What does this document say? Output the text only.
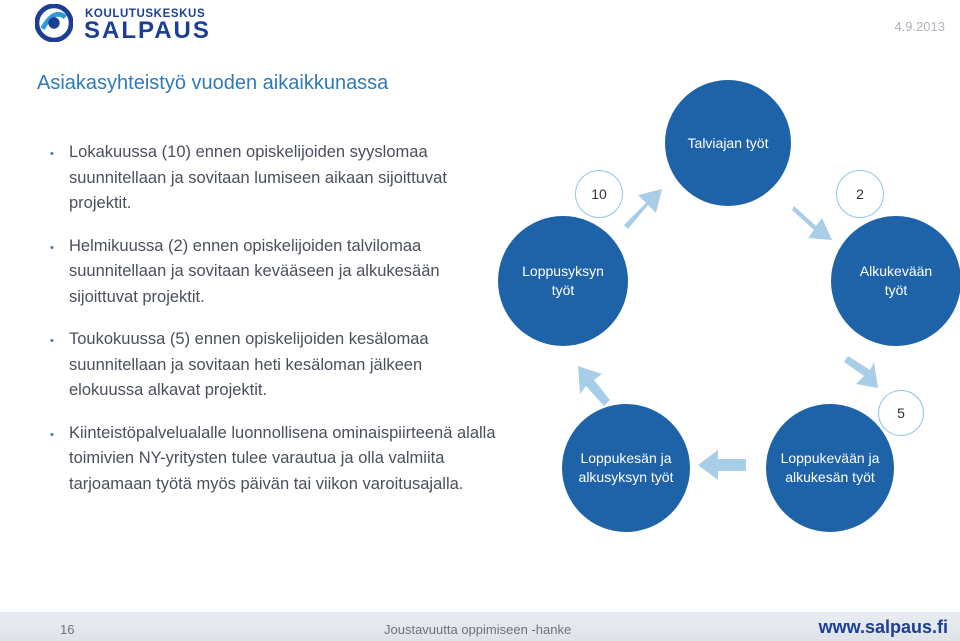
KOULUTUSKESKUS
SALPAUS	4.9.2013
Asiakasyhteistyö vuoden aikaikkunassa
• Lokakuussa (10) ennen opiskelijoiden syyslomaa suunnitellaan ja sovitaan lumiseen aikaan sijoittuvat projektit.
• Helmikuussa (2) ennen opiskelijoiden talvilomaa suunnitellaan ja sovitaan kevääseen ja alkukesään sijoittuvat projektit.
• Toukokuussa (5) ennen opiskelijoiden kesälomaa suunnitellaan ja sovitaan heti kesäloman jälkeen elokuussa alkavat projektit.
• Kiinteistöpalvelualalle luonnollisena ominaispiirteenä alalla toimivien NY-yritysten tulee varautua ja olla valmiita tarjoamaan työtä myös päivän tai viikon varoitusajalla.
Talviajan työt
Alkukevään työt
Loppukevään ja alkukesän työt
Loppukesän ja alkusyksyn työt
Loppusyksyn työt
10	2
5
16	Joustavuutta oppimiseen -hanke	www.salpaus.fi
